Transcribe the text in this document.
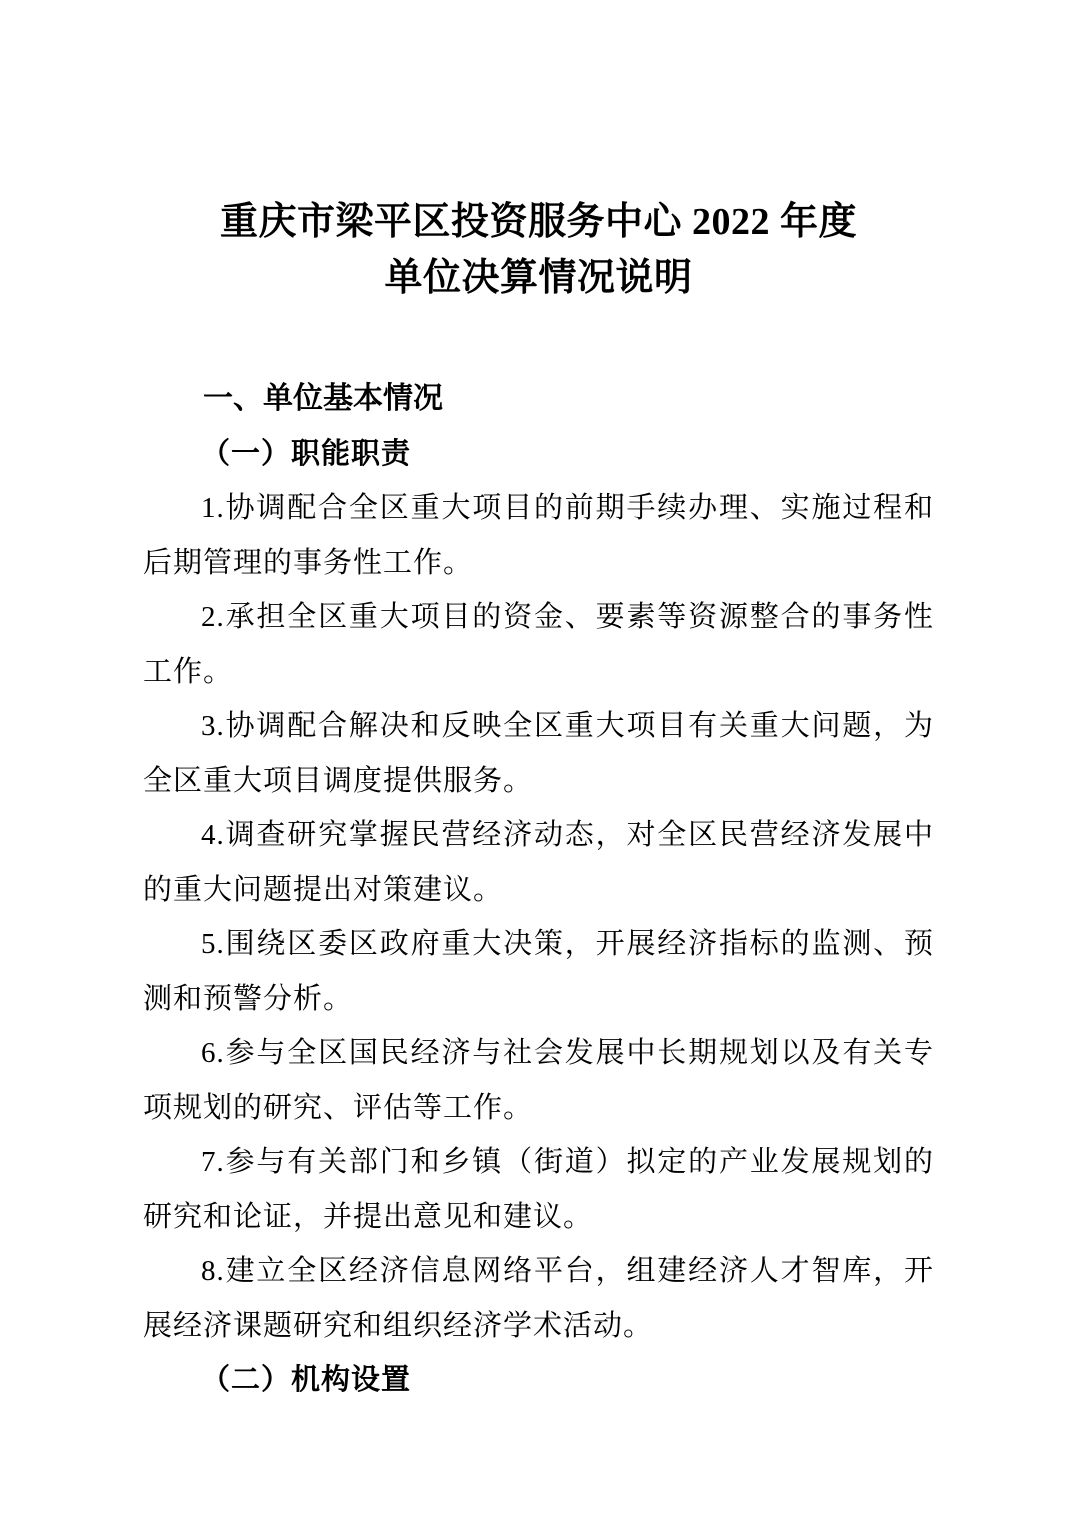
重庆市梁平区投资服务中心 2022 年度
单位决算情况说明
一、单位基本情况
（一）职能职责

1.协调配合全区重大项目的前期手续办理、实施过程和后期管理的事务性工作。

2.承担全区重大项目的资金、要素等资源整合的事务性工作。

3.协调配合解决和反映全区重大项目有关重大问题，为全区重大项目调度提供服务。

4.调查研究掌握民营经济动态，对全区民营经济发展中的重大问题提出对策建议。

5.围绕区委区政府重大决策，开展经济指标的监测、预测和预警分析。

6.参与全区国民经济与社会发展中长期规划以及有关专项规划的研究、评估等工作。

7.参与有关部门和乡镇（街道）拟定的产业发展规划的研究和论证，并提出意见和建议。

8.建立全区经济信息网络平台，组建经济人才智库，开展经济课题研究和组织经济学术活动。

（二）机构设置
